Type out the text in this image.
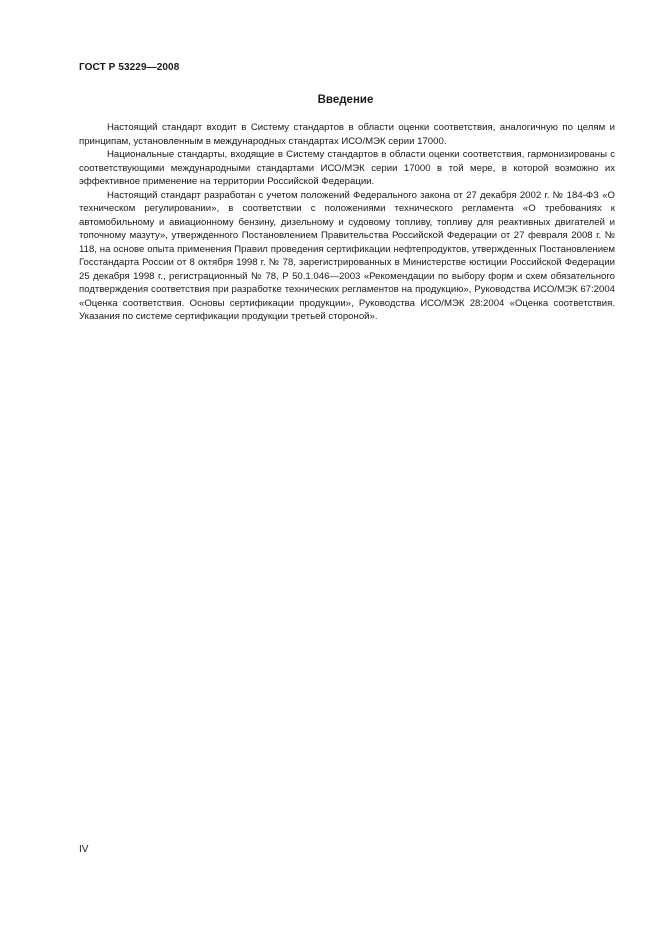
ГОСТ Р 53229—2008
Введение

Настоящий стандарт входит в Систему стандартов в области оценки соответствия, аналогичную по целям и принципам, установленным в международных стандартах ИСО/МЭК серии 17000.

Национальные стандарты, входящие в Систему стандартов в области оценки соответствия, гармонизированы с соответствующими международными стандартами ИСО/МЭК серии 17000 в той мере, в которой возможно их эффективное применение на территории Российской Федерации.

Настоящий стандарт разработан с учетом положений Федерального закона от 27 декабря 2002 г. № 184-ФЗ «О техническом регулировании», в соответствии с положениями технического регламента «О требованиях к автомобильному и авиационному бензину, дизельному и судовому топливу, топливу для реактивных двигателей и топочному мазуту», утвержденного Постановлением Правительства Российской Федерации от 27 февраля 2008 г. № 118, на основе опыта применения Правил проведения сертификации нефтепродуктов, утвержденных Постановлением Госстандарта России от 8 октября 1998 г. № 78, зарегистрированных в Министерстве юстиции Российской Федерации 25 декабря 1998 г., регистрационный № 78, Р 50.1.046—2003 «Рекомендации по выбору форм и схем обязательного подтверждения соответствия при разработке технических регламентов на продукцию», Руководства ИСО/МЭК 67:2004 «Оценка соответствия. Основы сертификации продукции», Руководства ИСО/МЭК 28:2004 «Оценка соответствия. Указания по системе сертификации продукции третьей стороной».

IV
